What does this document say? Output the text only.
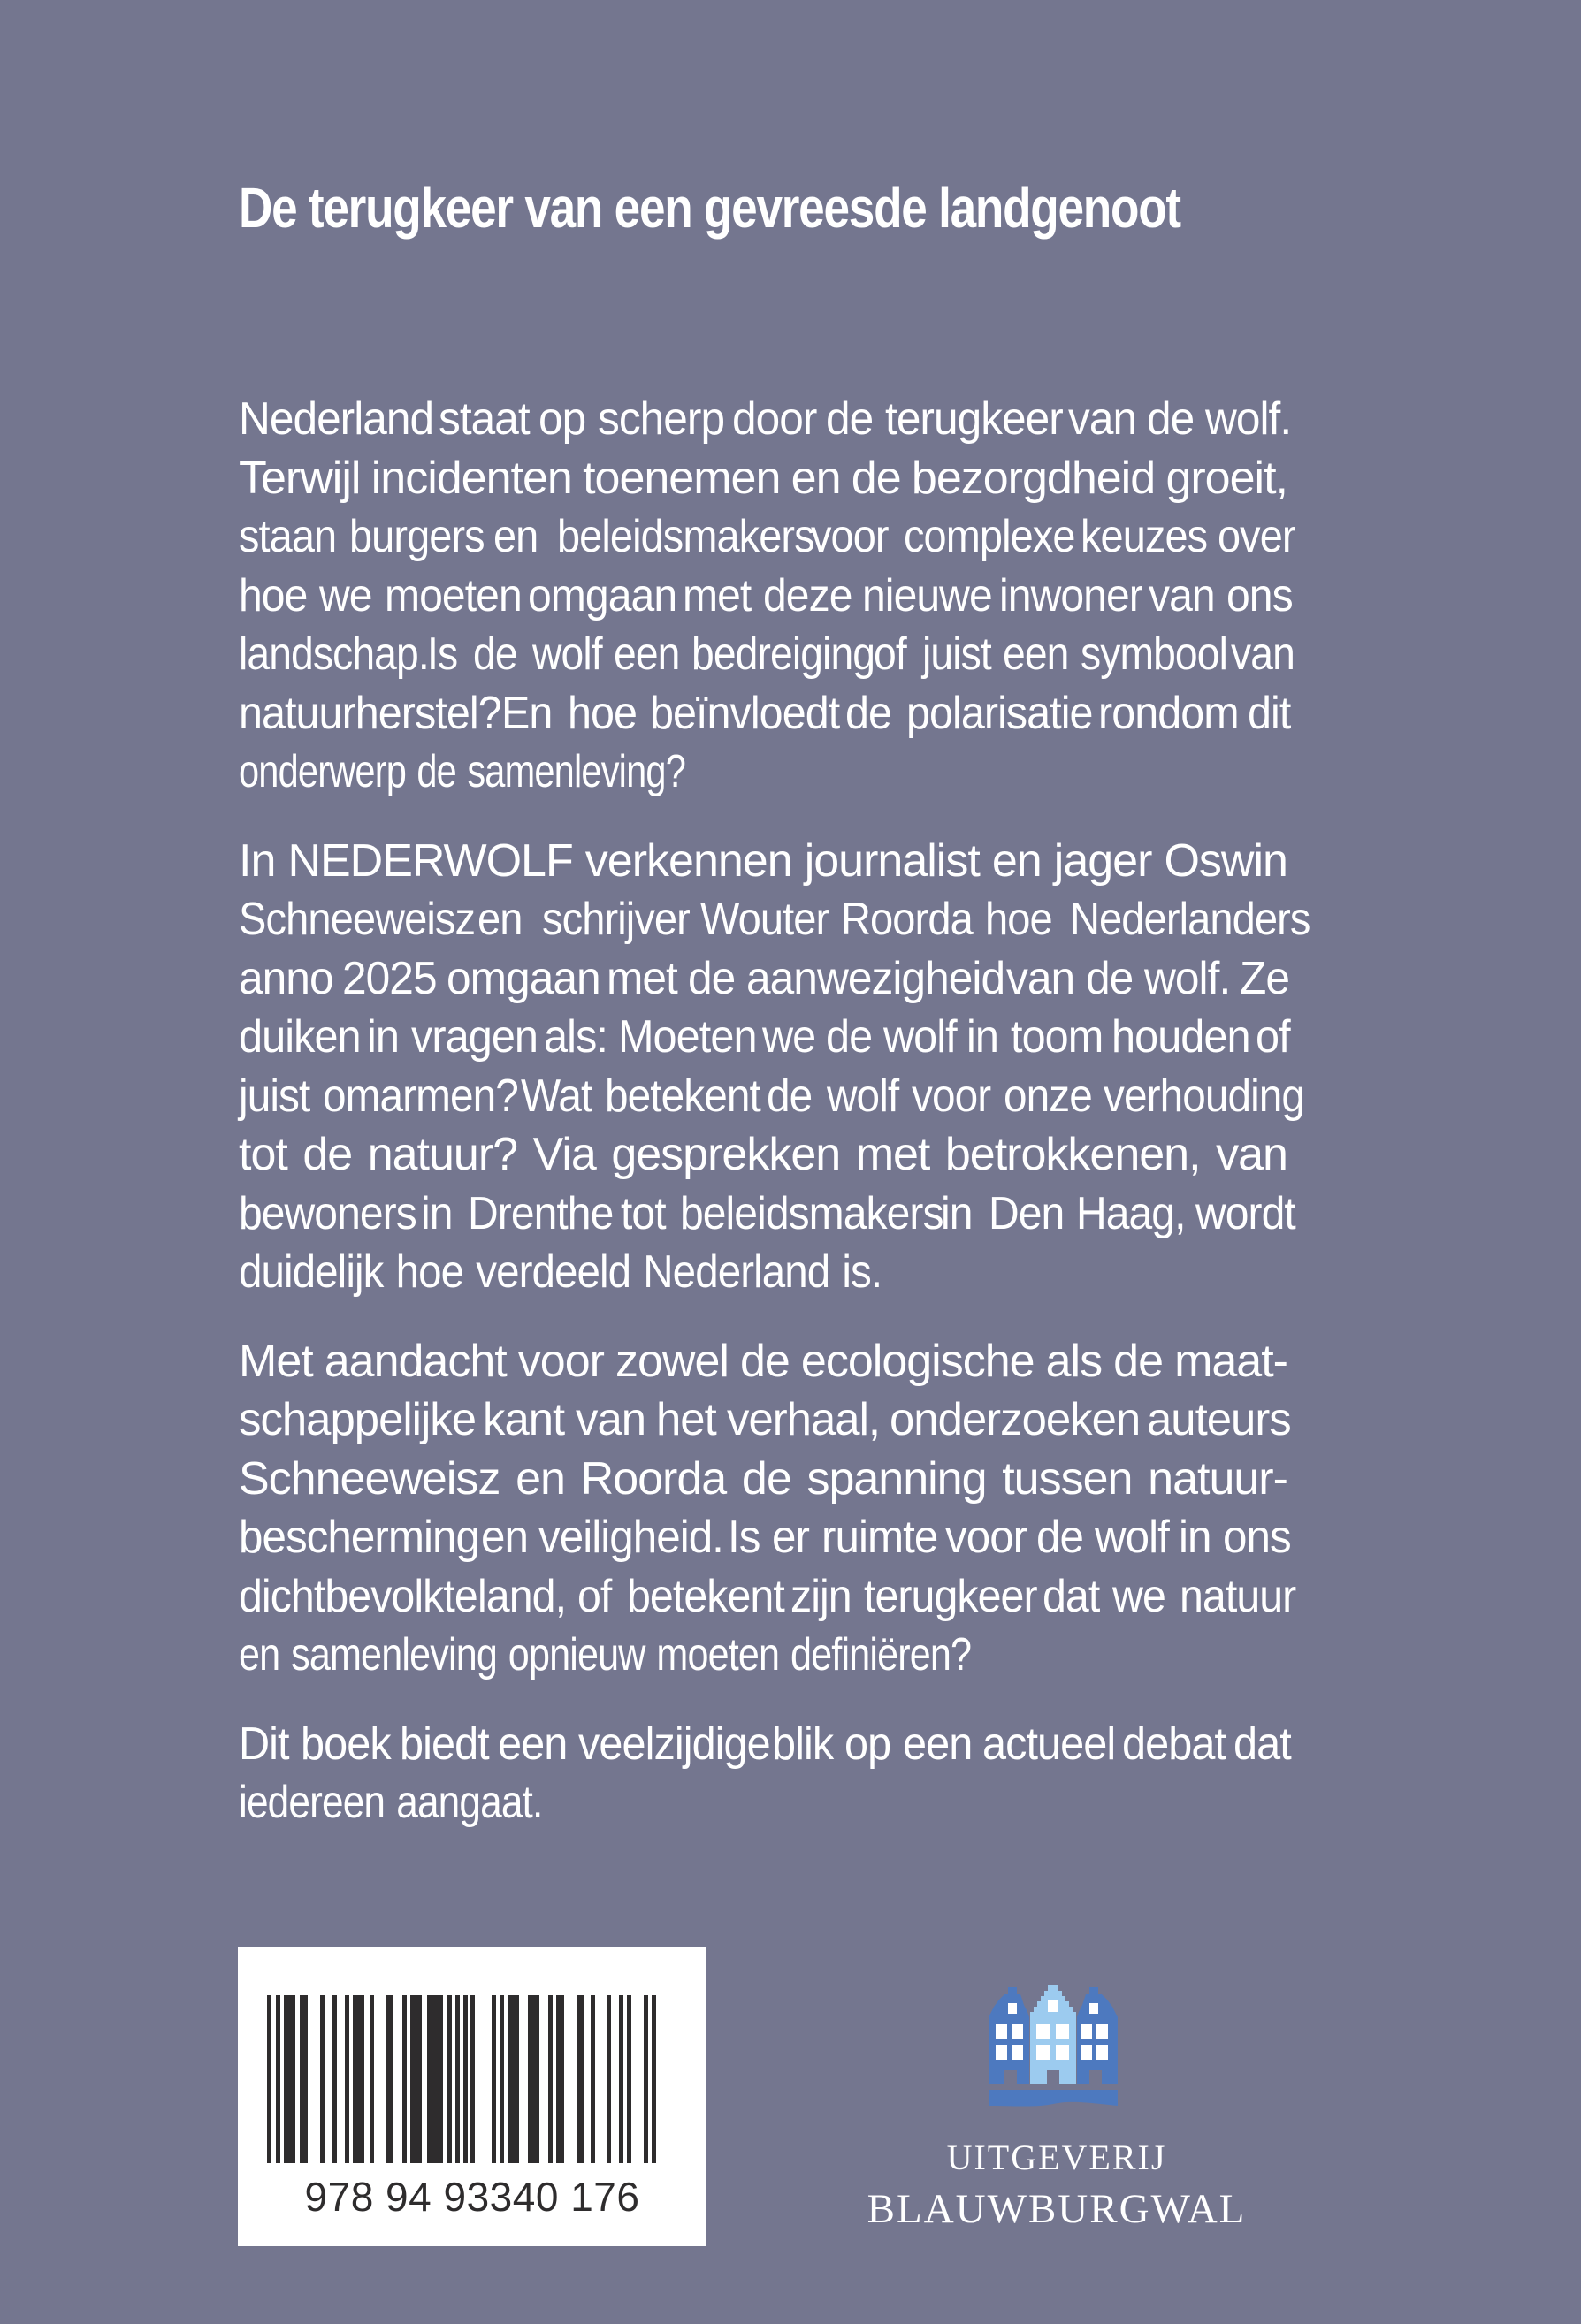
De terugkeer van een gevreesde landgenoot
Nederland staat op scherp door de terugkeer van de wolf.
Terwijl incidenten toenemen en de bezorgdheid groeit,
staan burgers en beleidsmakers
voor complexe keuzes over
hoe we moeten omgaan met deze nieuwe inwoner van ons
landschap.
Is de wolf een bedreiging of juist een symbool van
natuurherstel? En hoe beïnvloedt de polarisatie rondom dit
onderwerp de samenleving?
In NEDERWOLF verkennen journalist en jager Oswin
Schneeweisz en schrijver Wouter Roorda hoe Nederlanders
anno 2025 omgaan met de aanwezigheid van de wolf. Ze
duiken in vragen als: Moeten we de wolf in toom houden of
juist omarmen? Wat betekent de wolf voor onze verhouding
tot de natuur? Via gesprekken met betrokkenen, van
bewoners in Drenthe tot beleidsmakers
in Den Haag, wordt
duidelijk hoe verdeeld Nederland is.
Met aandacht voor zowel de ecologische als de maat-
schappelijke kant van het verhaal, onderzoeken auteurs
Schneeweisz en Roorda de spanning tussen natuur-
bescherming en veiligheid. Is er ruimte voor de wolf in ons
dichtbevolkte land, of betekent zijn terugkeer dat we natuur
en samenleving opnieuw moeten definiëren?
Dit boek biedt een veelzijdige blik op een actueel debat dat
iedereen aangaat.
978 94 93340 176
UITGEVERIJ
BLAUWBURGWAL
